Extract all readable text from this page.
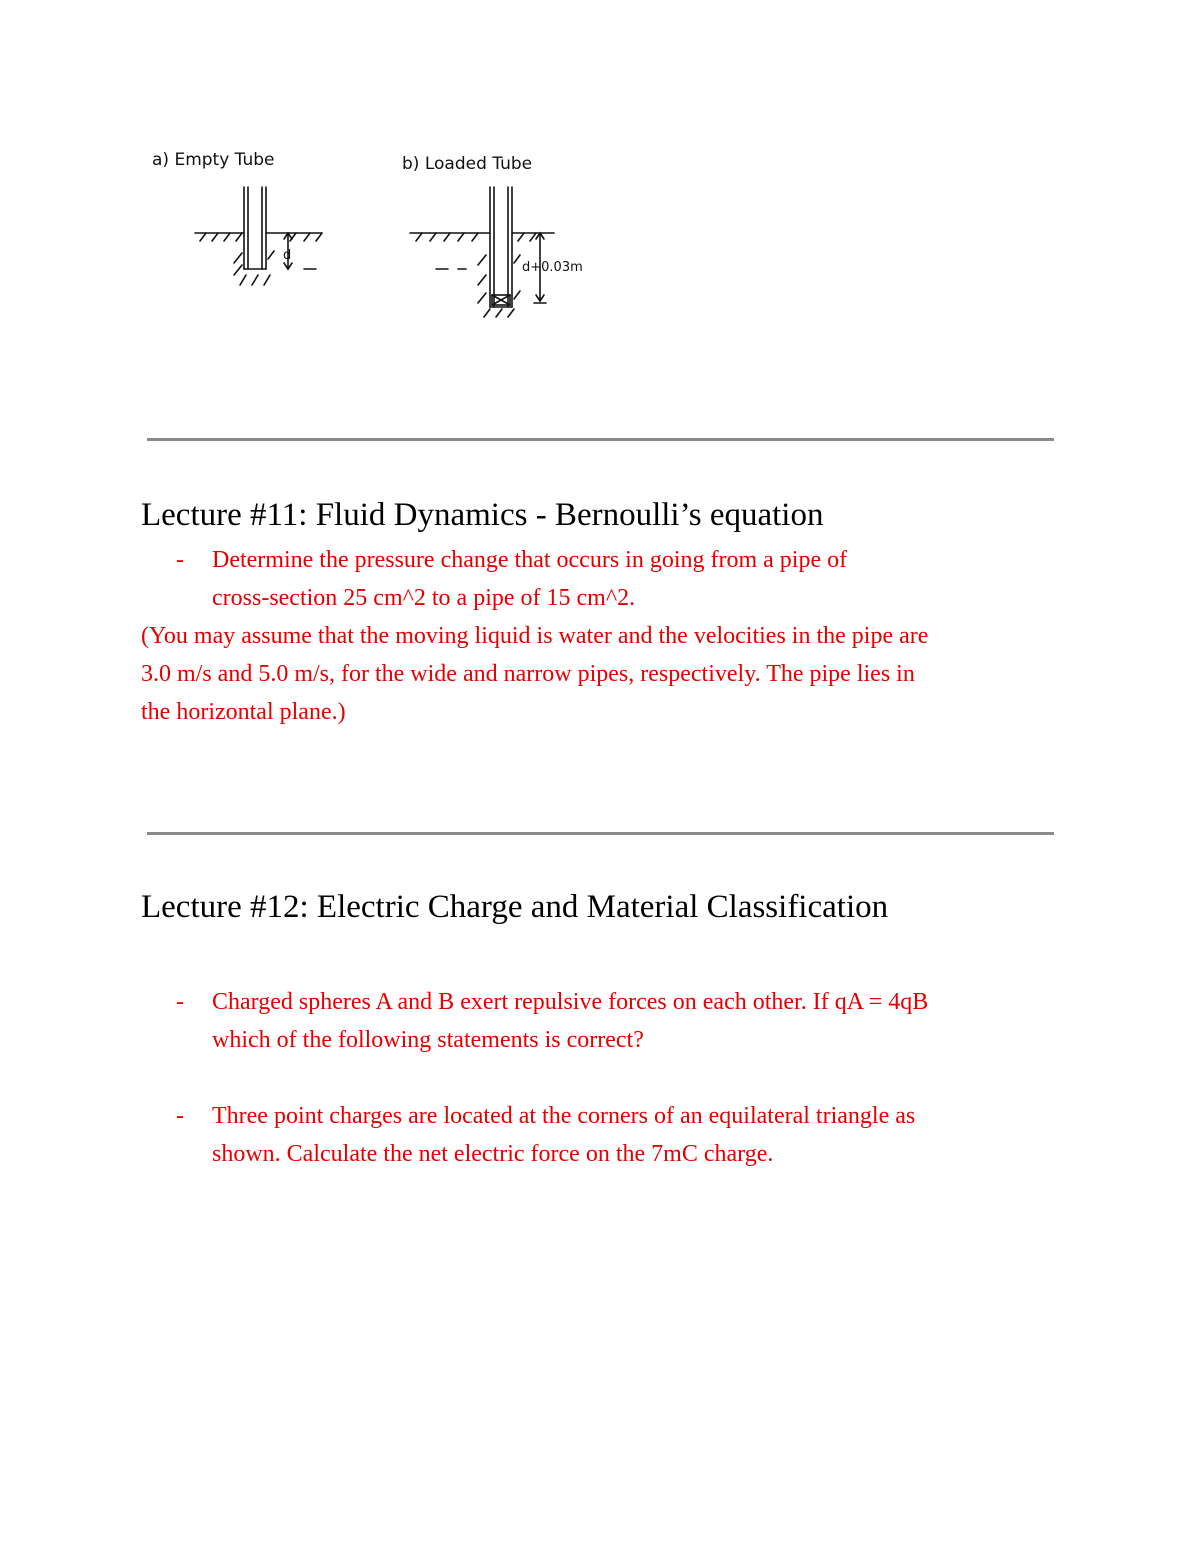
a) Empty Tube
d
b) Loaded Tube
d+0.03m
Lecture #11: Fluid Dynamics - Bernoulli’s equation
- Determine the pressure change that occurs in going from a pipe of
cross-section 25 cm^2 to a pipe of 15 cm^2.
(You may assume that the moving liquid is water and the velocities in the pipe are
3.0 m/s and 5.0 m/s, for the wide and narrow pipes, respectively. The pipe lies in
the horizontal plane.)
Lecture #12: Electric Charge and Material Classification
- Charged spheres A and B exert repulsive forces on each other. If qA = 4qB
which of the following statements is correct?
- Three point charges are located at the corners of an equilateral triangle as
shown. Calculate the net electric force on the 7mC charge.
